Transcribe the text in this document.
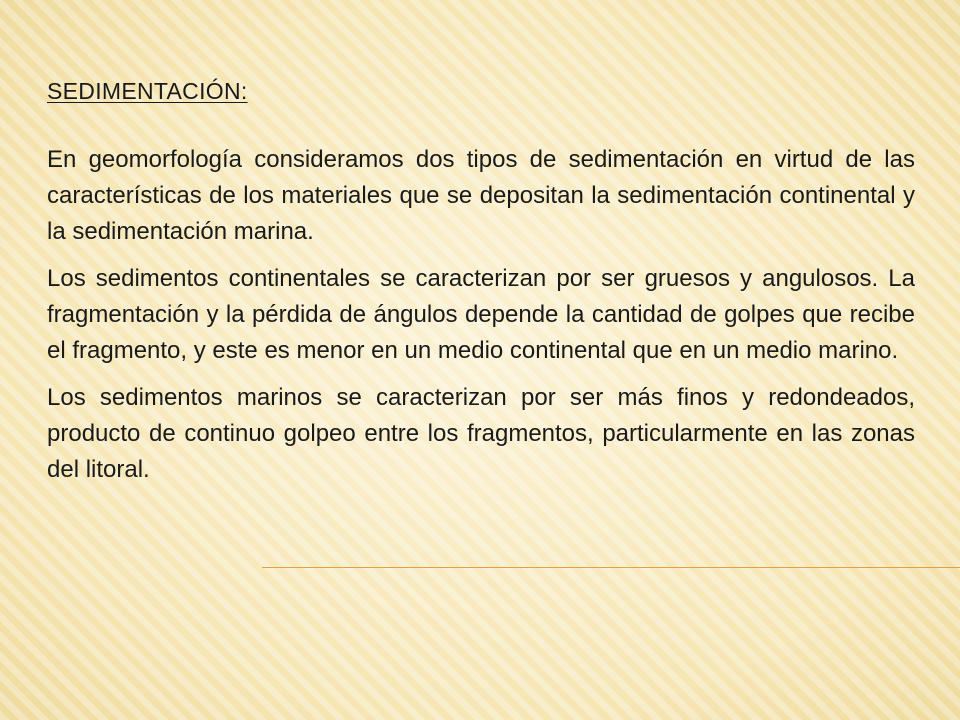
SEDIMENTACIÓN:

En geomorfología consideramos dos tipos de sedimentación en virtud de las características de los materiales que se depositan la sedimentación continental y la sedimentación marina.

Los sedimentos continentales se caracterizan por ser gruesos y angulosos. La fragmentación y la pérdida de ángulos depende la cantidad de golpes que recibe el fragmento, y este es menor en un medio continental que en un medio marino.

Los sedimentos marinos se caracterizan por ser más finos y redondeados, producto de continuo golpeo entre los fragmentos, particularmente en las zonas del litoral.
